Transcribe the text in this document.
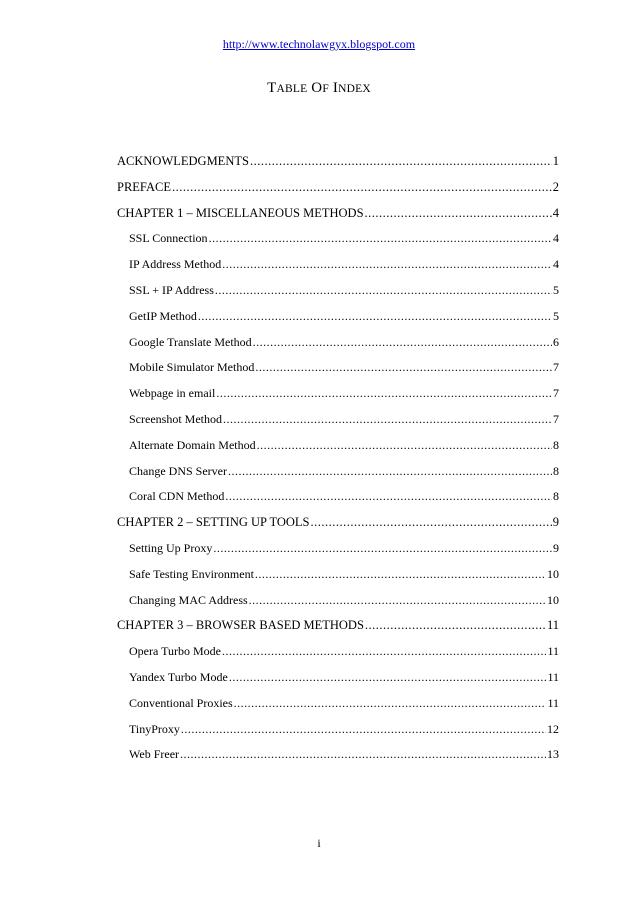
http://www.technolawgyx.blogspot.com
TABLE OF INDEX
ACKNOWLEDGMENTS .....	1
PREFACE .....	2
CHAPTER 1 – MISCELLANEOUS METHODS .....	4
SSL Connection .....	4
IP Address Method .....	4
SSL + IP Address .....	5
GetIP Method .....	5
Google Translate Method .....	6
Mobile Simulator Method .....	7
Webpage in email .....	7
Screenshot Method .....	7
Alternate Domain Method .....	8
Change DNS Server .....	8
Coral CDN Method .....	8
CHAPTER 2 – SETTING UP TOOLS .....	9
Setting Up Proxy .....	9
Safe Testing Environment .....	10
Changing MAC Address .....	10
CHAPTER 3 – BROWSER BASED METHODS .....	11
Opera Turbo Mode .....	11
Yandex Turbo Mode .....	11
Conventional Proxies .....	11
TinyProxy .....	12
Web Freer .....	13
i
